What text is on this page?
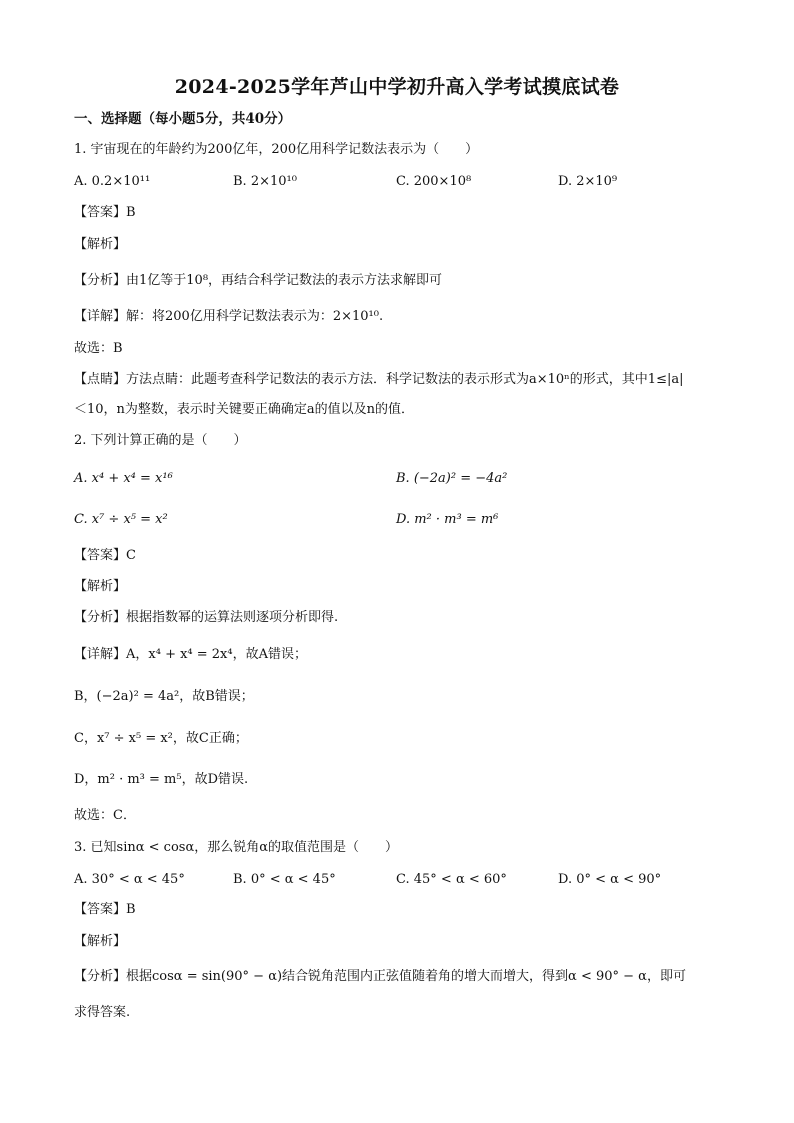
2024-2025学年芦山中学初升高入学考试摸底试卷
一、选择题（每小题5分，共40分）
1. 宇宙现在的年龄约为200亿年，200亿用科学记数法表示为（　　）
A. 0.2×10¹¹	B. 2×10¹⁰	C. 200×10⁸	D. 2×10⁹
【答案】B
【解析】
【分析】由1亿等于10⁸，再结合科学记数法的表示方法求解即可
【详解】解：将200亿用科学记数法表示为：2×10¹⁰.
故选：B
【点睛】方法点睛：此题考查科学记数法的表示方法．科学记数法的表示形式为a×10ⁿ的形式，其中1≤|a|
＜10，n为整数，表示时关键要正确确定a的值以及n的值．
2. 下列计算正确的是（　　）
A. x⁴ + x⁴ = x¹⁶	B. (−2a)² = −4a²
C. x⁷ ÷ x⁵ = x²	D. m² · m³ = m⁶
【答案】C
【解析】
【分析】根据指数幂的运算法则逐项分析即得.
【详解】A，x⁴ + x⁴ = 2x⁴，故A错误；
B，(−2a)² = 4a²，故B错误；
C，x⁷ ÷ x⁵ = x²，故C正确；
D，m² · m³ = m⁵，故D错误.
故选：C．
3. 已知sinα < cosα，那么锐角α的取值范围是（　　）
A. 30° < α < 45°	B. 0° < α < 45°	C. 45° < α < 60°	D. 0° < α < 90°
【答案】B
【解析】
【分析】根据cosα = sin(90° − α)结合锐角范围内正弦值随着角的增大而增大，得到α < 90° − α，即可
求得答案.
